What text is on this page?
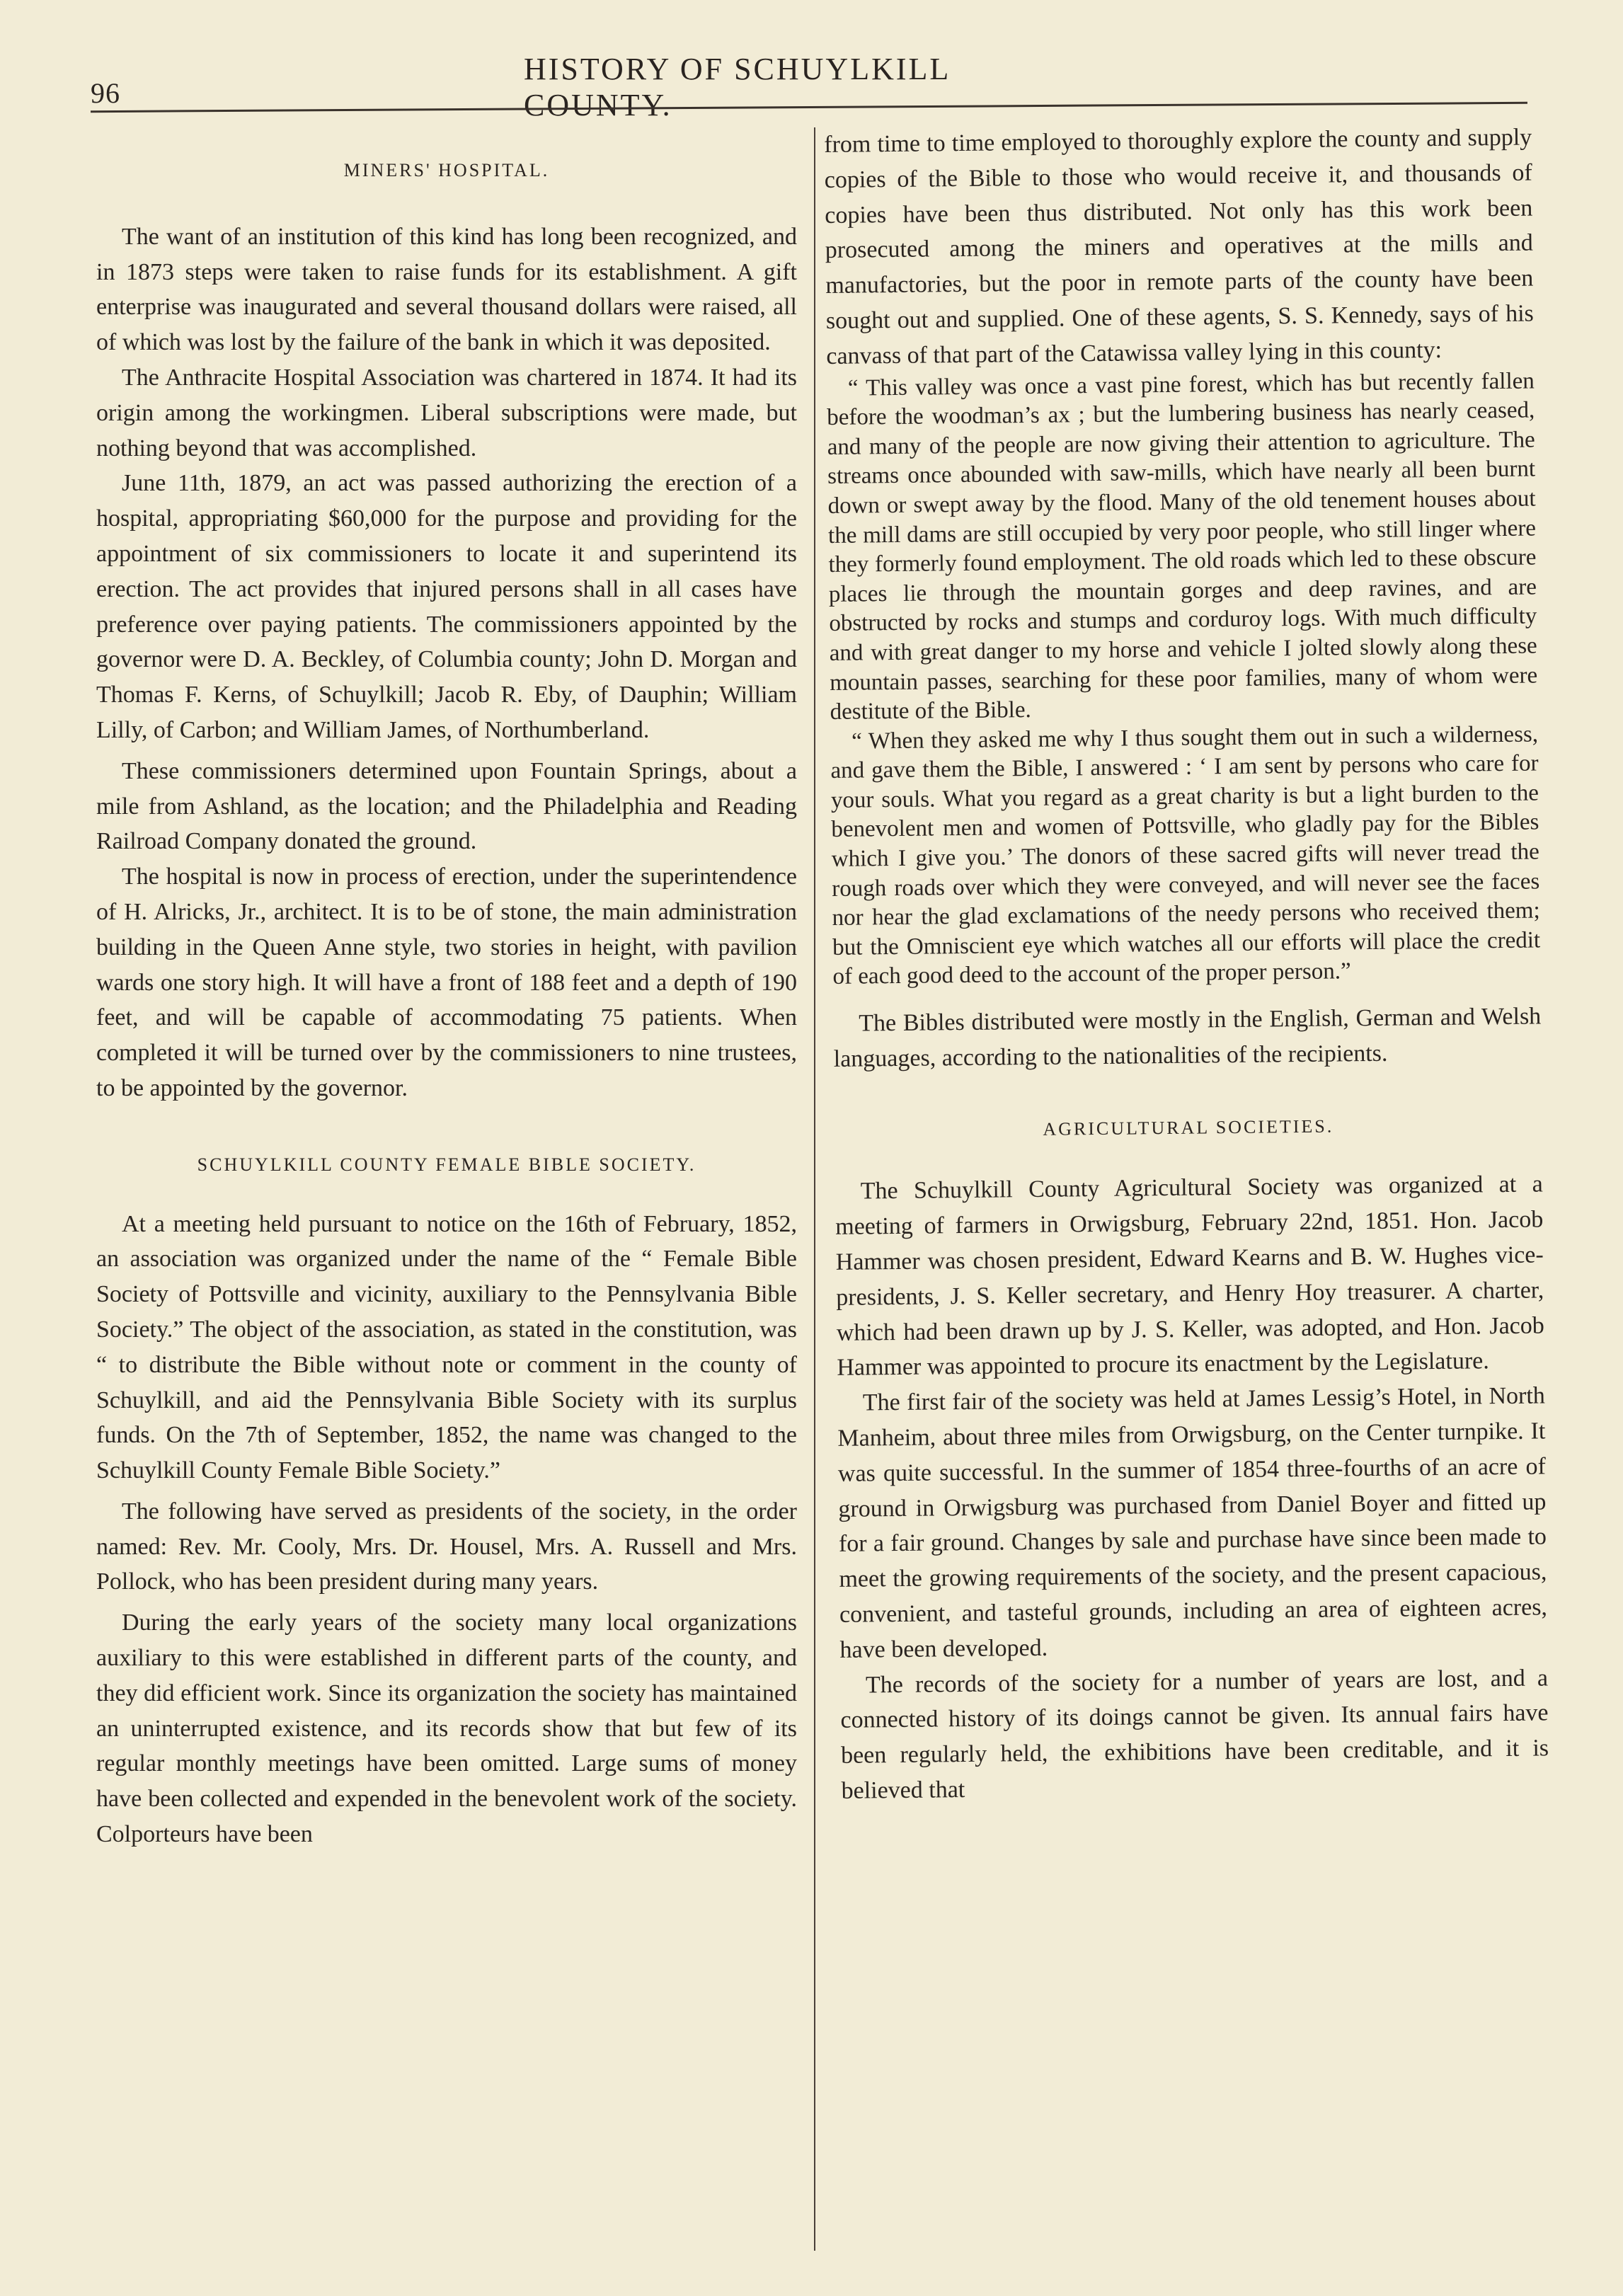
96
HISTORY OF SCHUYLKILL COUNTY.
MINERS' HOSPITAL.

The want of an institution of this kind has long been recognized, and in 1873 steps were taken to raise funds for its establishment. A gift enterprise was inaugurated and several thousand dollars were raised, all of which was lost by the failure of the bank in which it was deposited.

The Anthracite Hospital Association was chartered in 1874. It had its origin among the workingmen. Liberal subscriptions were made, but nothing beyond that was accomplished.

June 11th, 1879, an act was passed authorizing the erection of a hospital, appropriating $60,000 for the purpose and providing for the appointment of six commissioners to locate it and superintend its erection. The act provides that injured persons shall in all cases have preference over paying patients. The commissioners appointed by the governor were D. A. Beckley, of Columbia county; John D. Morgan and Thomas F. Kerns, of Schuylkill; Jacob R. Eby, of Dauphin; William Lilly, of Carbon; and William James, of Northumberland.

These commissioners determined upon Fountain Springs, about a mile from Ashland, as the location; and the Philadelphia and Reading Railroad Company donated the ground.

The hospital is now in process of erection, under the superintendence of H. Alricks, Jr., architect. It is to be of stone, the main administration building in the Queen Anne style, two stories in height, with pavilion wards one story high. It will have a front of 188 feet and a depth of 190 feet, and will be capable of accommodating 75 patients. When completed it will be turned over by the commissioners to nine trustees, to be appointed by the governor.

SCHUYLKILL COUNTY FEMALE BIBLE SOCIETY.

At a meeting held pursuant to notice on the 16th of February, 1852, an association was organized under the name of the “ Female Bible Society of Pottsville and vicinity, auxiliary to the Pennsylvania Bible Society.” The object of the association, as stated in the constitution, was “ to distribute the Bible without note or comment in the county of Schuylkill, and aid the Pennsylvania Bible Society with its surplus funds. On the 7th of September, 1852, the name was changed to the Schuylkill County Female Bible Society.”

The following have served as presidents of the society, in the order named: Rev. Mr. Cooly, Mrs. Dr. Housel, Mrs. A. Russell and Mrs. Pollock, who has been president during many years.

During the early years of the society many local organizations auxiliary to this were established in different parts of the county, and they did efficient work. Since its organization the society has maintained an uninterrupted existence, and its records show that but few of its regular monthly meetings have been omitted. Large sums of money have been collected and expended in the benevolent work of the society. Colporteurs have been

from time to time employed to thoroughly explore the county and supply copies of the Bible to those who would receive it, and thousands of copies have been thus distributed. Not only has this work been prosecuted among the miners and operatives at the mills and manufactories, but the poor in remote parts of the county have been sought out and supplied. One of these agents, S. S. Kennedy, says of his canvass of that part of the Catawissa valley lying in this county:

“ This valley was once a vast pine forest, which has but recently fallen before the woodman’s ax ; but the lumbering business has nearly ceased, and many of the people are now giving their attention to agriculture. The streams once abounded with saw-mills, which have nearly all been burnt down or swept away by the flood. Many of the old tenement houses about the mill dams are still occupied by very poor people, who still linger where they formerly found employment. The old roads which led to these obscure places lie through the mountain gorges and deep ravines, and are obstructed by rocks and stumps and corduroy logs. With much difficulty and with great danger to my horse and vehicle I jolted slowly along these mountain passes, searching for these poor families, many of whom were destitute of the Bible.

“ When they asked me why I thus sought them out in such a wilderness, and gave them the Bible, I answered : ‘ I am sent by persons who care for your souls. What you regard as a great charity is but a light burden to the benevolent men and women of Pottsville, who gladly pay for the Bibles which I give you.’ The donors of these sacred gifts will never tread the rough roads over which they were conveyed, and will never see the faces nor hear the glad exclamations of the needy persons who received them; but the Omniscient eye which watches all our efforts will place the credit of each good deed to the account of the proper person.”

The Bibles distributed were mostly in the English, German and Welsh languages, according to the nationalities of the recipients.

AGRICULTURAL SOCIETIES.

The Schuylkill County Agricultural Society was organized at a meeting of farmers in Orwigsburg, February 22nd, 1851. Hon. Jacob Hammer was chosen president, Edward Kearns and B. W. Hughes vice-presidents, J. S. Keller secretary, and Henry Hoy treasurer. A charter, which had been drawn up by J. S. Keller, was adopted, and Hon. Jacob Hammer was appointed to procure its enactment by the Legislature.

The first fair of the society was held at James Lessig’s Hotel, in North Manheim, about three miles from Orwigsburg, on the Center turnpike. It was quite successful. In the summer of 1854 three-fourths of an acre of ground in Orwigsburg was purchased from Daniel Boyer and fitted up for a fair ground. Changes by sale and purchase have since been made to meet the growing requirements of the society, and the present capacious, convenient, and tasteful grounds, including an area of eighteen acres, have been developed.

The records of the society for a number of years are lost, and a connected history of its doings cannot be given. Its annual fairs have been regularly held, the exhibitions have been creditable, and it is believed that
